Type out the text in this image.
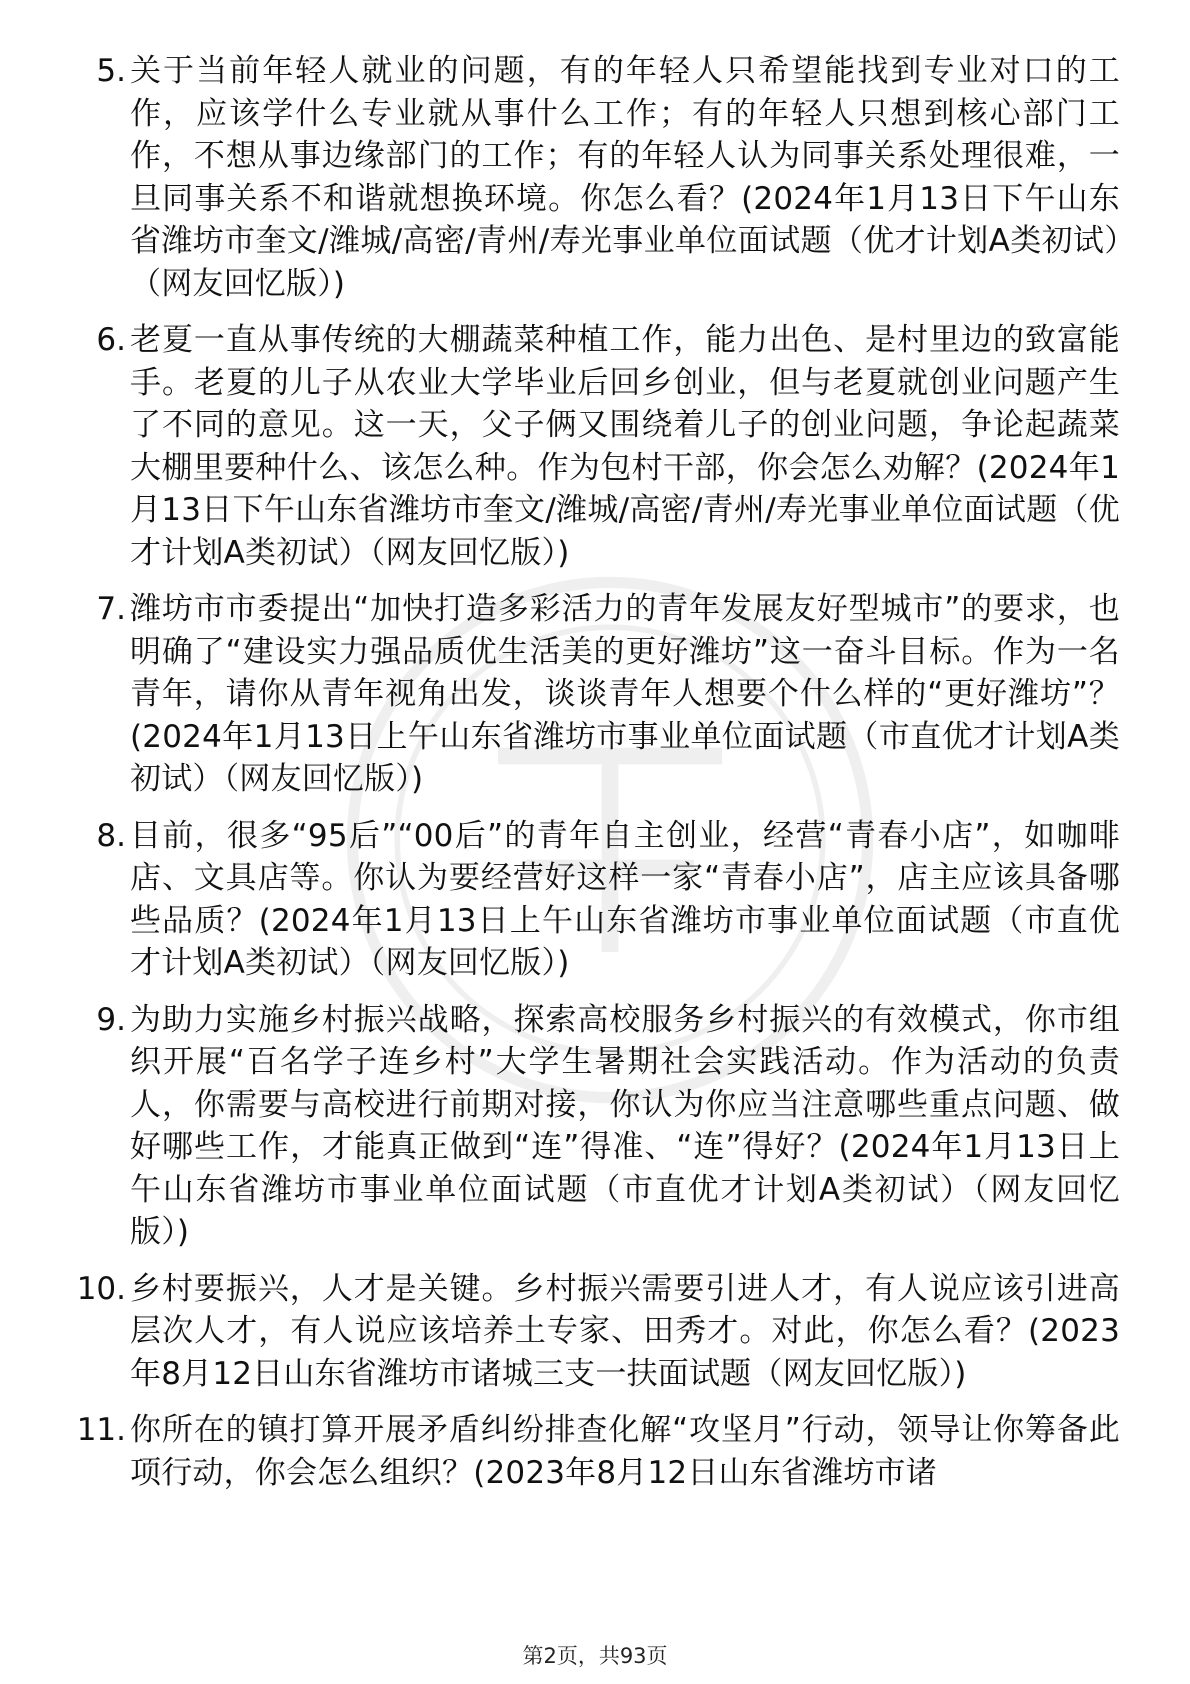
5. 关于当前年轻人就业的问题，有的年轻人只希望能找到专业对口的工作，应该学什么专业就从事什么工作；有的年轻人只想到核心部门工作，不想从事边缘部门的工作；有的年轻人认为同事关系处理很难，一旦同事关系不和谐就想换环境。你怎么看？(2024年1月13日下午山东省潍坊市奎文/潍城/高密/青州/寿光事业单位面试题（优才计划A类初试）（网友回忆版）)
6. 老夏一直从事传统的大棚蔬菜种植工作，能力出色、是村里边的致富能手。老夏的儿子从农业大学毕业后回乡创业，但与老夏就创业问题产生了不同的意见。这一天，父子俩又围绕着儿子的创业问题，争论起蔬菜大棚里要种什么、该怎么种。作为包村干部，你会怎么劝解？(2024年1月13日下午山东省潍坊市奎文/潍城/高密/青州/寿光事业单位面试题（优才计划A类初试）（网友回忆版）)
7. 潍坊市市委提出“加快打造多彩活力的青年发展友好型城市”的要求，也明确了“建设实力强品质优生活美的更好潍坊”这一奋斗目标。作为一名青年，请你从青年视角出发，谈谈青年人想要个什么样的“更好潍坊”？(2024年1月13日上午山东省潍坊市事业单位面试题（市直优才计划A类初试）（网友回忆版）)
8. 目前，很多“95后”“00后”的青年自主创业，经营“青春小店”，如咖啡店、文具店等。你认为要经营好这样一家“青春小店”，店主应该具备哪些品质？(2024年1月13日上午山东省潍坊市事业单位面试题（市直优才计划A类初试）（网友回忆版）)
9. 为助力实施乡村振兴战略，探索高校服务乡村振兴的有效模式，你市组织开展“百名学子连乡村”大学生暑期社会实践活动。作为活动的负责人，你需要与高校进行前期对接，你认为你应当注意哪些重点问题、做好哪些工作，才能真正做到“连”得准、“连”得好？(2024年1月13日上午山东省潍坊市事业单位面试题（市直优才计划A类初试）（网友回忆版）)
10. 乡村要振兴，人才是关键。乡村振兴需要引进人才，有人说应该引进高层次人才，有人说应该培养土专家、田秀才。对此，你怎么看？(2023年8月12日山东省潍坊市诸城三支一扶面试题（网友回忆版）)
11. 你所在的镇打算开展矛盾纠纷排查化解“攻坚月”行动，领导让你筹备此项行动，你会怎么组织？(2023年8月12日山东省潍坊市诸
第2页，共93页
